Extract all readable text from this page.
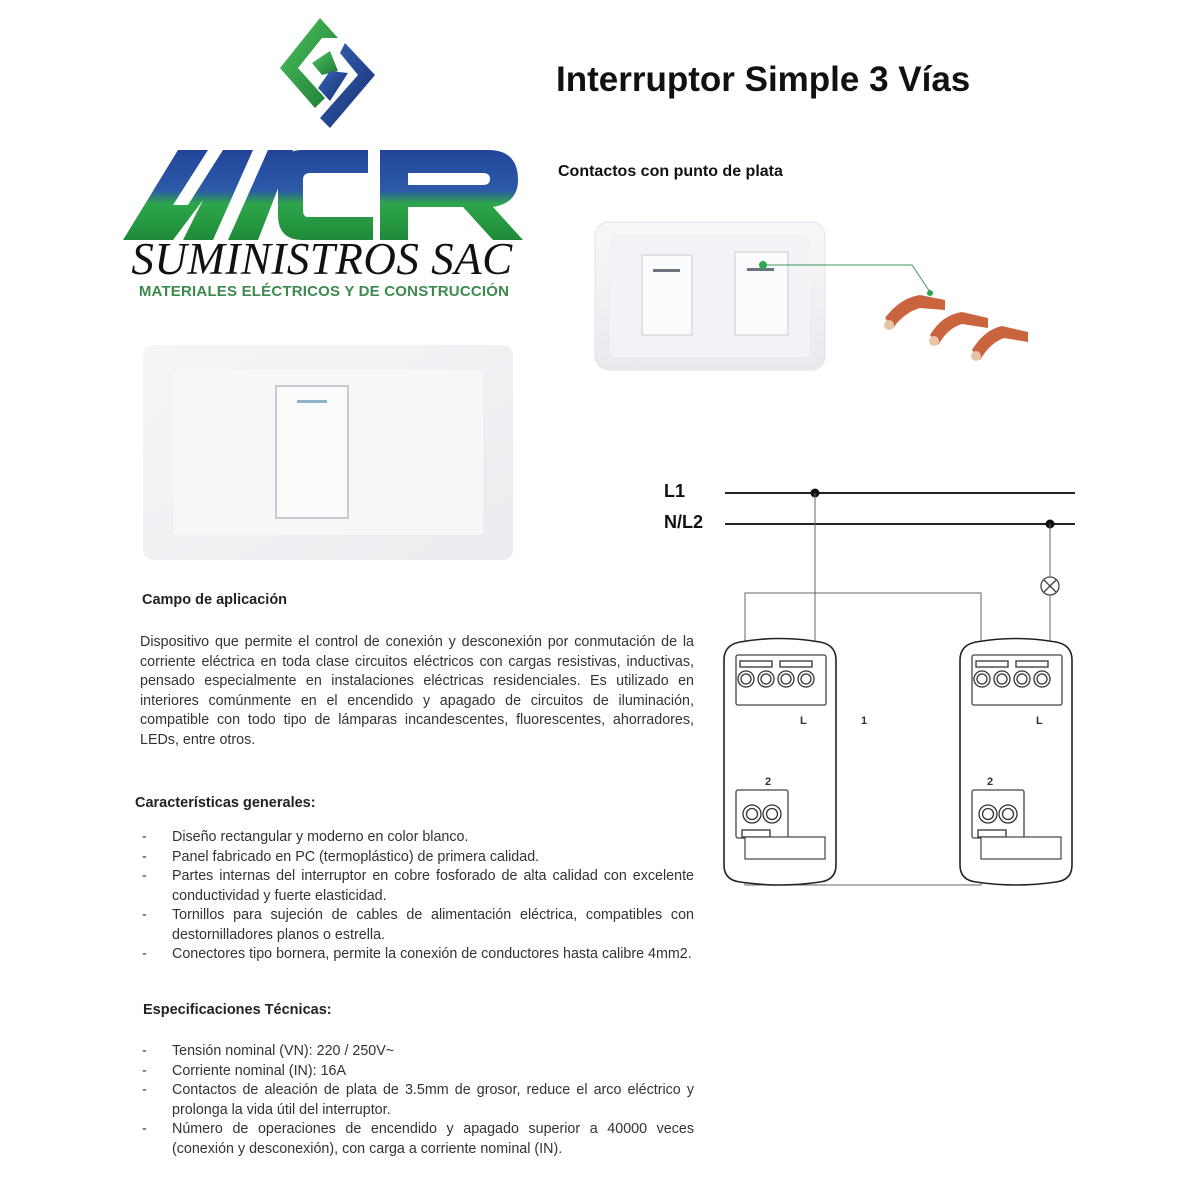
SUMINISTROS SAC
MATERIALES ELÉCTRICOS Y DE CONSTRUCCIÓN
Interruptor Simple 3 Vías
Contactos con punto de plata
Campo de aplicación
Dispositivo que permite el control de conexión y desconexión por conmutación de la corriente eléctrica en toda clase circuitos eléctricos con cargas resistivas, inductivas, pensado especialmente en instalaciones eléctricas residenciales. Es utilizado en interiores comúnmente en el encendido y apagado de circuitos de iluminación, compatible con todo tipo de lámparas incandescentes, fluorescentes, ahorradores, LEDs, entre otros.
Características generales:
- Diseño rectangular y moderno en color blanco.
- Panel fabricado en PC (termoplástico) de primera calidad.
- Partes internas del interruptor en cobre fosforado de alta calidad con excelente conductividad y fuerte elasticidad.
- Tornillos para sujeción de cables de alimentación eléctrica, compatibles con destornilladores planos o estrella.
- Conectores tipo bornera, permite la conexión de conductores hasta calibre 4mm2.
Especificaciones Técnicas:
- Tensión nominal (VN): 220 / 250V~
- Corriente nominal (IN): 16A
- Contactos de aleación de plata de 3.5mm de grosor, reduce el arco eléctrico y prolonga la vida útil del interruptor.
- Número de operaciones de encendido y apagado superior a 40000 veces (conexión y desconexión), con carga a corriente nominal (IN).
L1
N/L2
L
2
1	L
2
